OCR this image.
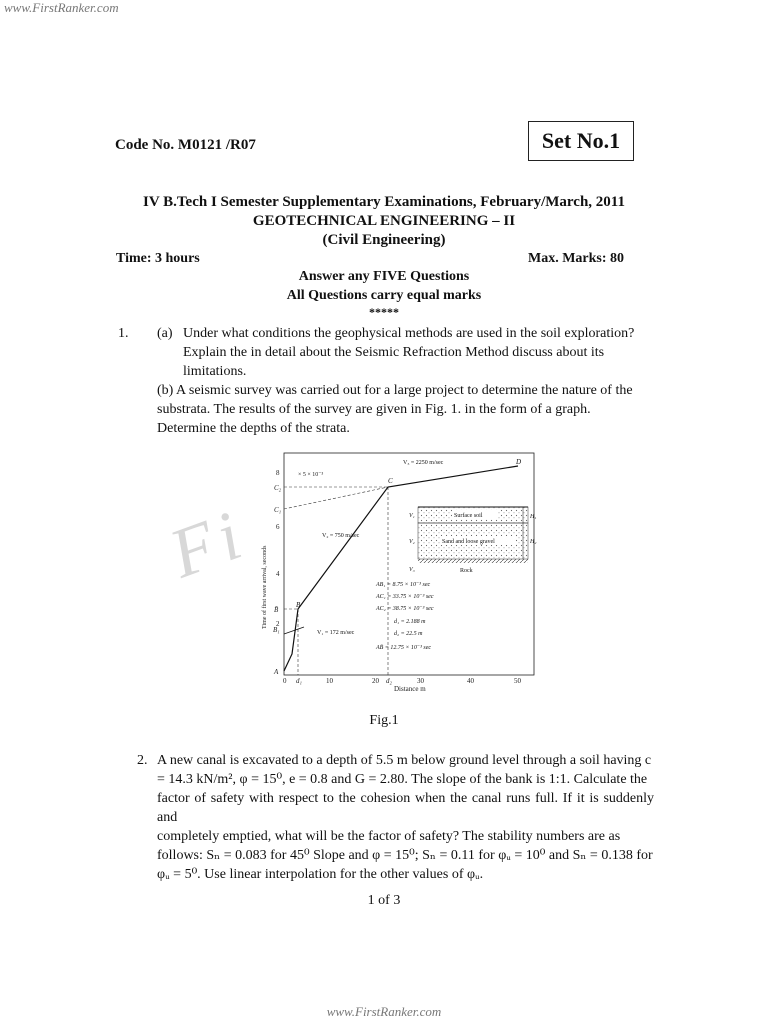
www.FirstRanker.com
Fi
Code No. M0121 /R07	Set No.1
IV B.Tech I Semester Supplementary Examinations, February/March, 2011
GEOTECHNICAL ENGINEERING – II
(Civil Engineering)
Time: 3 hours	Max. Marks: 80
Answer any FIVE Questions
All Questions carry equal marks
*****
1. (a) Under what conditions the geophysical methods are used in the soil exploration? Explain the in detail about the Seismic Refraction Method discuss about its limitations.
(b) A seismic survey was carried out for a large project to determine the nature of the substrata. The results of the survey are given in Fig. 1. in the form of a graph. Determine the depths of the strata.
8
6
4
2
C₂
C₁
B̄
B₁
A
× 5 × 10⁻³
Time of first wave arrival, seconds
0 d₁	10	20 d₂	30	40	50
Distance m
B
C
D
V₃ = 2250 m/sec
V₂ = 750 m/sec
V₁ = 172 m/sec
Surface soil
Sand and loose gravel
Rock
V₁
V₂
V₃
H₁
H₂
AB₁ = 8.75 × 10⁻³ sec
AC₁ = 33.75 × 10⁻³ sec
AC₂ = 38.75 × 10⁻³ sec
d₁ = 2.188 m
d₂ = 22.5 m
AB̄ = 12.75 × 10⁻³ sec
Fig.1
2. A new canal is excavated to a depth of 5.5 m below ground level through a soil having c
= 14.3 kN/m², φ = 15⁰, e = 0.8 and G = 2.80. The slope of the bank is 1:1. Calculate the
factor of safety with respect to the cohesion when the canal runs full. If it is suddenly and
completely emptied, what will be the factor of safety? The stability numbers are as
follows: Sₙ = 0.083 for 45⁰ Slope and φ = 15⁰; Sₙ = 0.11 for φᵤ = 10⁰ and Sₙ = 0.138 for
φᵤ = 5⁰. Use linear interpolation for the other values of φᵤ.
1 of 3
www.FirstRanker.com
